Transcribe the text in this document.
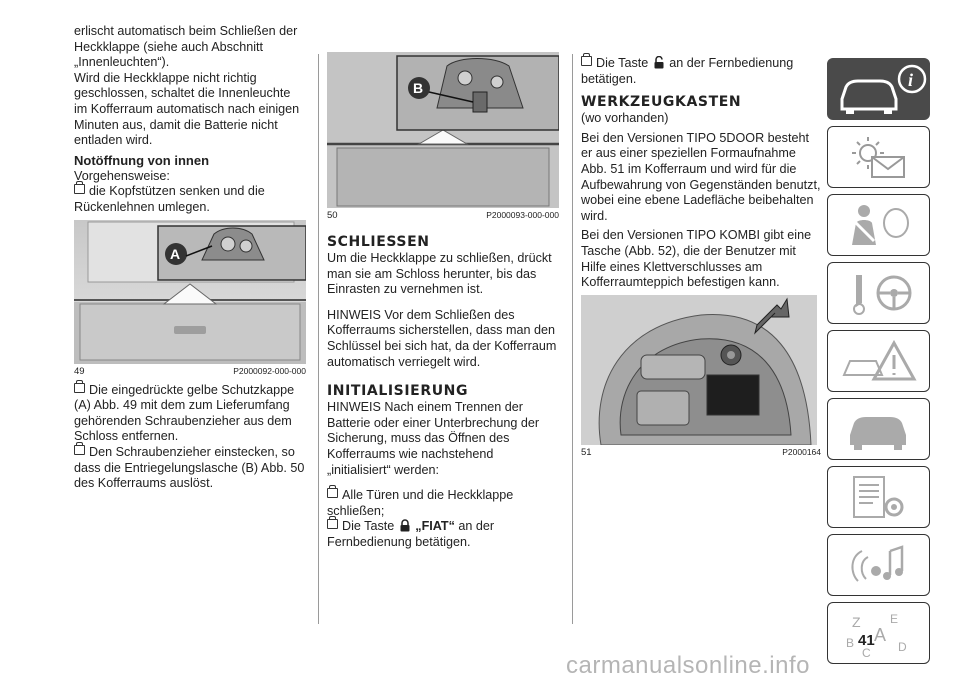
erlischt automatisch beim Schließen der Heckklappe (siehe auch Abschnitt „Innenleuchten“).

Wird die Heckklappe nicht richtig geschlossen, schaltet die Innenleuchte im Kofferraum automatisch nach einigen Minuten aus, damit die Batterie nicht entladen wird.

Notöffnung von innen

Vorgehensweise:

die Kopfstützen senken und die Rückenlehnen umlegen.

A
49	P2000092-000-000

Die eingedrückte gelbe Schutzkappe (A) Abb. 49 mit dem zum Lieferumfang gehörenden Schraubenzieher aus dem Schloss entfernen.

Den Schraubenzieher einstecken, so dass die Entriegelungslasche (B) Abb. 50 des Kofferraums auslöst.

B
50	P2000093-000-000
SCHLIESSEN

Um die Heckklappe zu schließen, drückt man sie am Schloss herunter, bis das Einrasten zu vernehmen ist.

HINWEIS Vor dem Schließen des Kofferraums sicherstellen, dass man den Schlüssel bei sich hat, da der Kofferraum automatisch verriegelt wird.

INITIALISIERUNG

HINWEIS Nach einem Trennen der Batterie oder einer Unterbrechung der Sicherung, muss das Öffnen des Kofferraums wie nachstehend „initialisiert“ werden:

Alle Türen und die Heckklappe schließen;

Die Taste „FIAT“ an der Fernbedienung betätigen.

Die Taste an der Fernbedienung betätigen.

WERKZEUGKASTEN

(wo vorhanden)

Bei den Versionen TIPO 5DOOR besteht er aus einer speziellen Formaufnahme Abb. 51 im Kofferraum und wird für die Aufbewahrung von Gegenständen benutzt, wobei eine ebene Ladefläche beibehalten wird.

Bei den Versionen TIPO KOMBI gibt eine Tasche (Abb. 52), die der Benutzer mit Hilfe eines Klettverschlusses am Kofferraumteppich befestigen kann.

51	P2000164
i
Z E
A
B
C D
41
carmanualsonline.info
